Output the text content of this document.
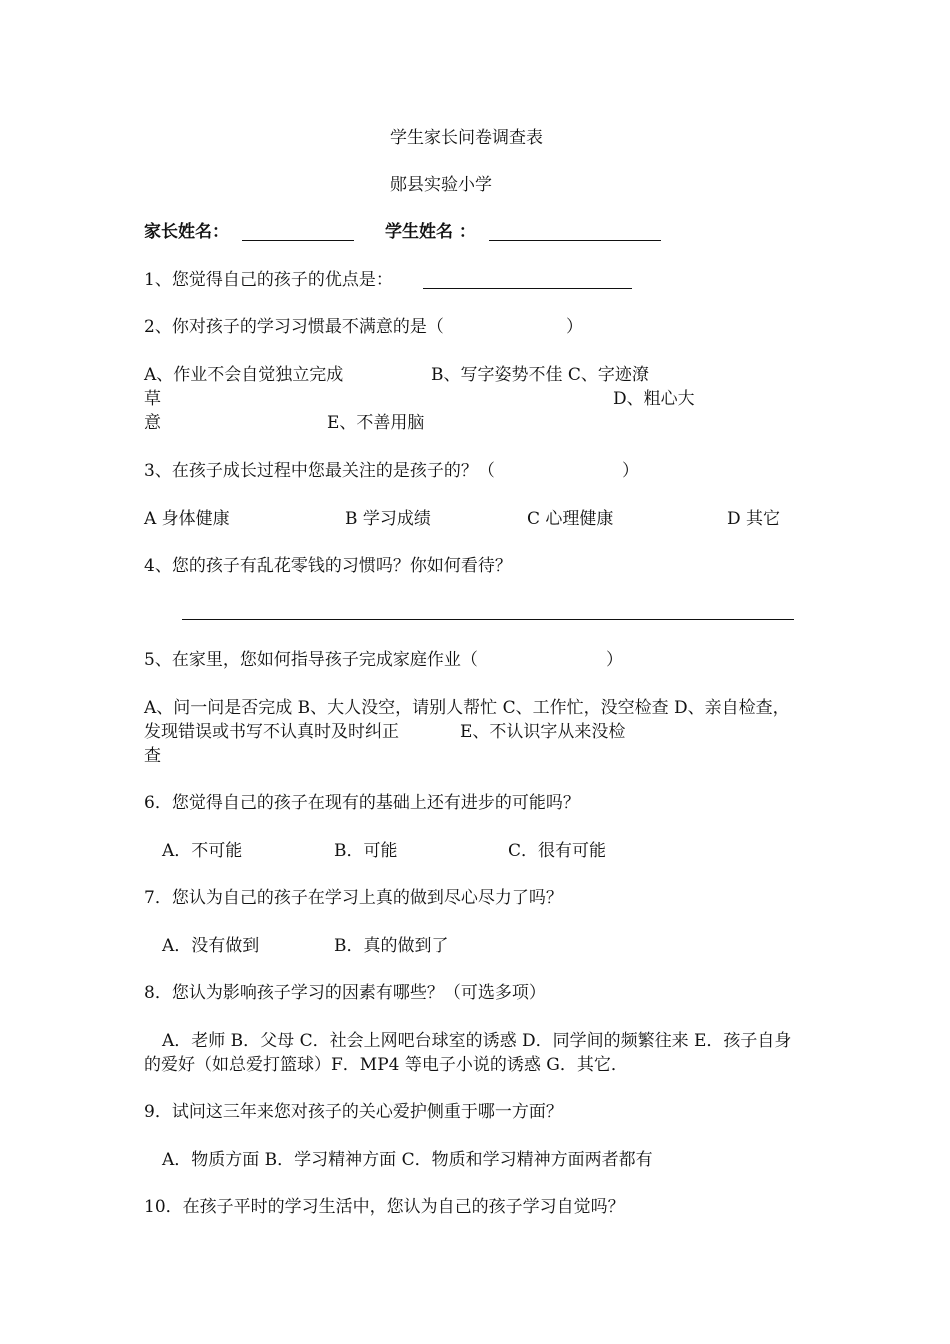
学生家长问卷调查表
郧县实验小学
家长姓名：	学生姓名 ：
1、您觉得自己的孩子的优点是：
2、你对孩子的学习习惯最不满意的是（	）
A、作业不会自觉独立完成	B、写字姿势不佳 C、字迹潦
草	D、粗心大
意	E、不善用脑
3、在孩子成长过程中您最关注的是孩子的？（	）
A 身体健康	B 学习成绩	C 心理健康	D 其它
4、您的孩子有乱花零钱的习惯吗？你如何看待？
5、在家里，您如何指导孩子完成家庭作业（	）
A、问一问是否完成 B、大人没空，请别人帮忙 C、工作忙，没空检查 D、亲自检查，
发现错误或书写不认真时及时纠正	E、不认识字从来没检
查
6．您觉得自己的孩子在现有的基础上还有进步的可能吗？
A．不可能	B．可能	C．很有可能
7．您认为自己的孩子在学习上真的做到尽心尽力了吗？
A．没有做到	B．真的做到了
8．您认为影响孩子学习的因素有哪些？（可选多项）
A．老师 B．父母 C．社会上网吧台球室的诱惑 D．同学间的频繁往来 E．孩子自身
的爱好（如总爱打篮球）F．MP4 等电子小说的诱惑 G．其它．
9．试问这三年来您对孩子的关心爱护侧重于哪一方面？
A．物质方面 B．学习精神方面 C．物质和学习精神方面两者都有
10．在孩子平时的学习生活中，您认为自己的孩子学习自觉吗？
